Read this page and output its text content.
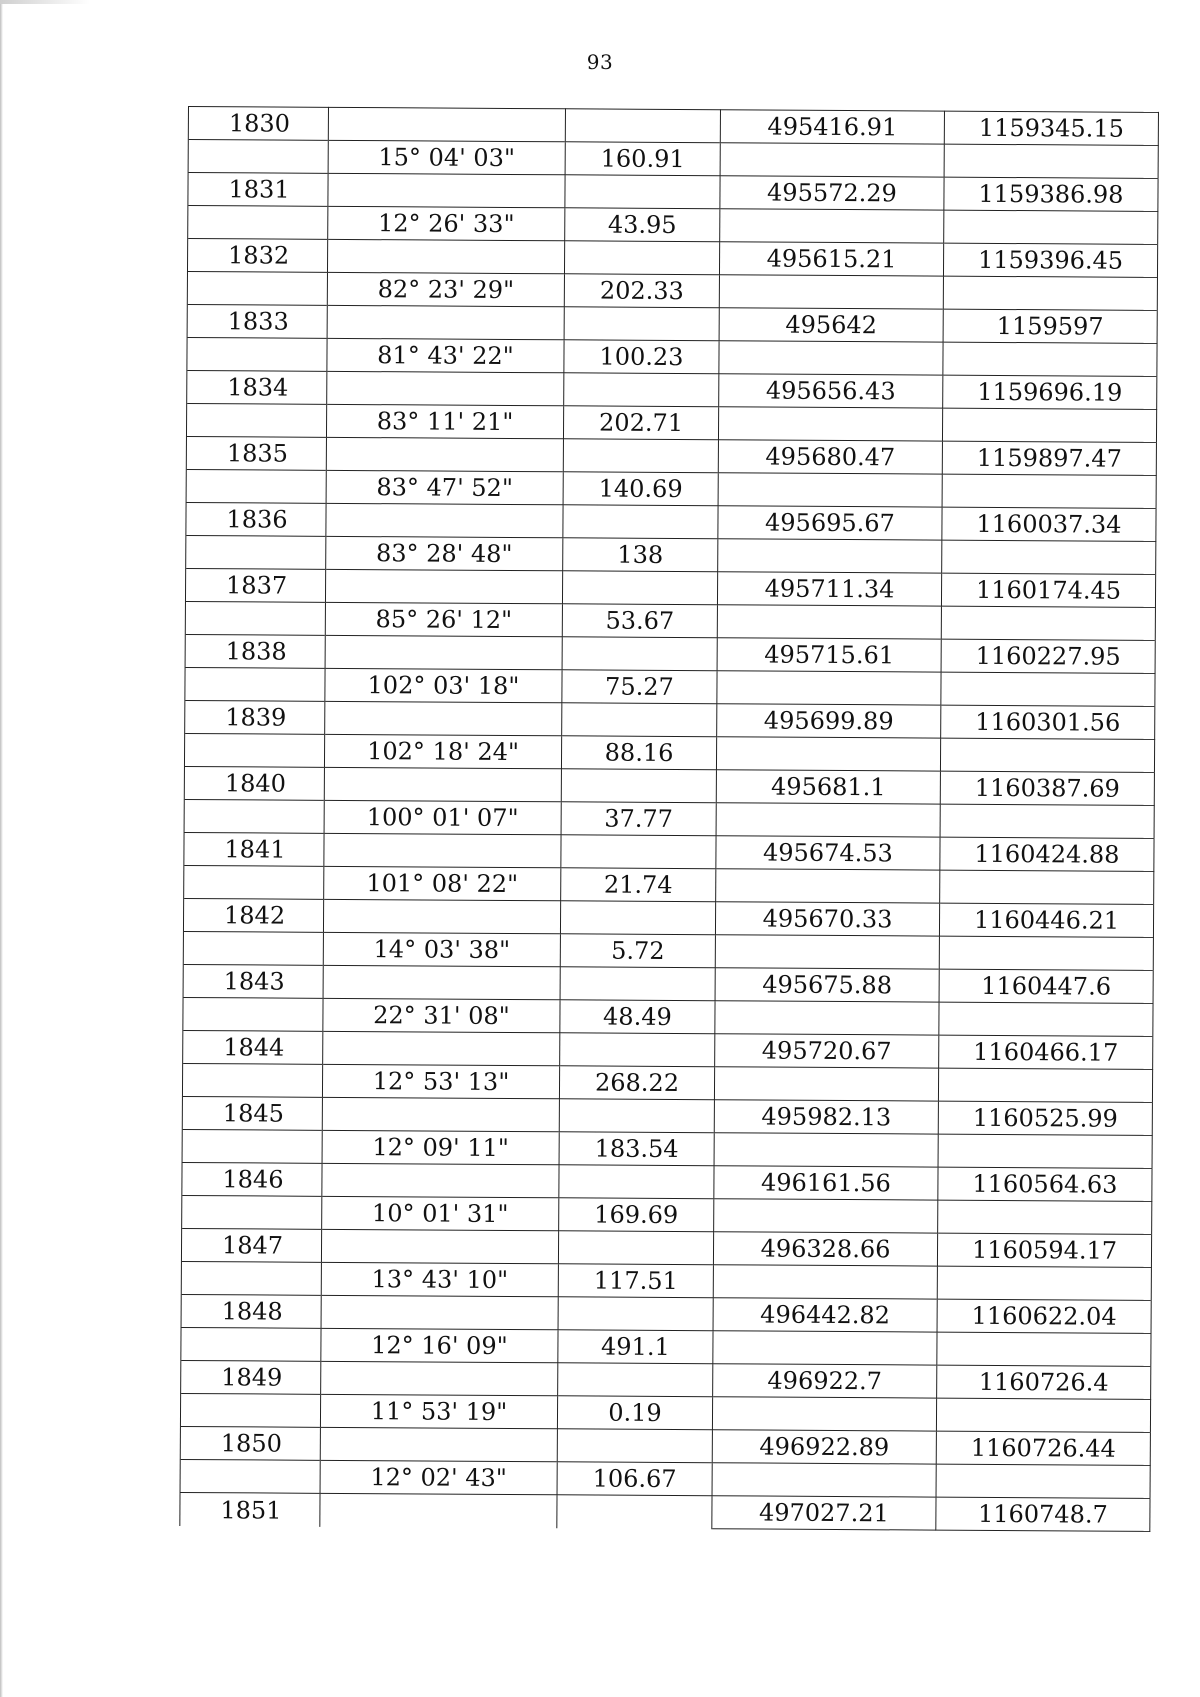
93
1830			495416.91	1159345.15
	15° 04' 03"	160.91		
1831			495572.29	1159386.98
	12° 26' 33"	43.95		
1832			495615.21	1159396.45
	82° 23' 29"	202.33		
1833			495642	1159597
	81° 43' 22"	100.23		
1834			495656.43	1159696.19
	83° 11' 21"	202.71		
1835			495680.47	1159897.47
	83° 47' 52"	140.69		
1836			495695.67	1160037.34
	83° 28' 48"	138		
1837			495711.34	1160174.45
	85° 26' 12"	53.67		
1838			495715.61	1160227.95
	102° 03' 18"	75.27		
1839			495699.89	1160301.56
	102° 18' 24"	88.16		
1840			495681.1	1160387.69
	100° 01' 07"	37.77		
1841			495674.53	1160424.88
	101° 08' 22"	21.74		
1842			495670.33	1160446.21
	14° 03' 38"	5.72		
1843			495675.88	1160447.6
	22° 31' 08"	48.49		
1844			495720.67	1160466.17
	12° 53' 13"	268.22		
1845			495982.13	1160525.99
	12° 09' 11"	183.54		
1846			496161.56	1160564.63
	10° 01' 31"	169.69		
1847			496328.66	1160594.17
	13° 43' 10"	117.51		
1848			496442.82	1160622.04
	12° 16' 09"	491.1		
1849			496922.7	1160726.4
	11° 53' 19"	0.19		
1850			496922.89	1160726.44
	12° 02' 43"	106.67		
1851			497027.21	1160748.7
